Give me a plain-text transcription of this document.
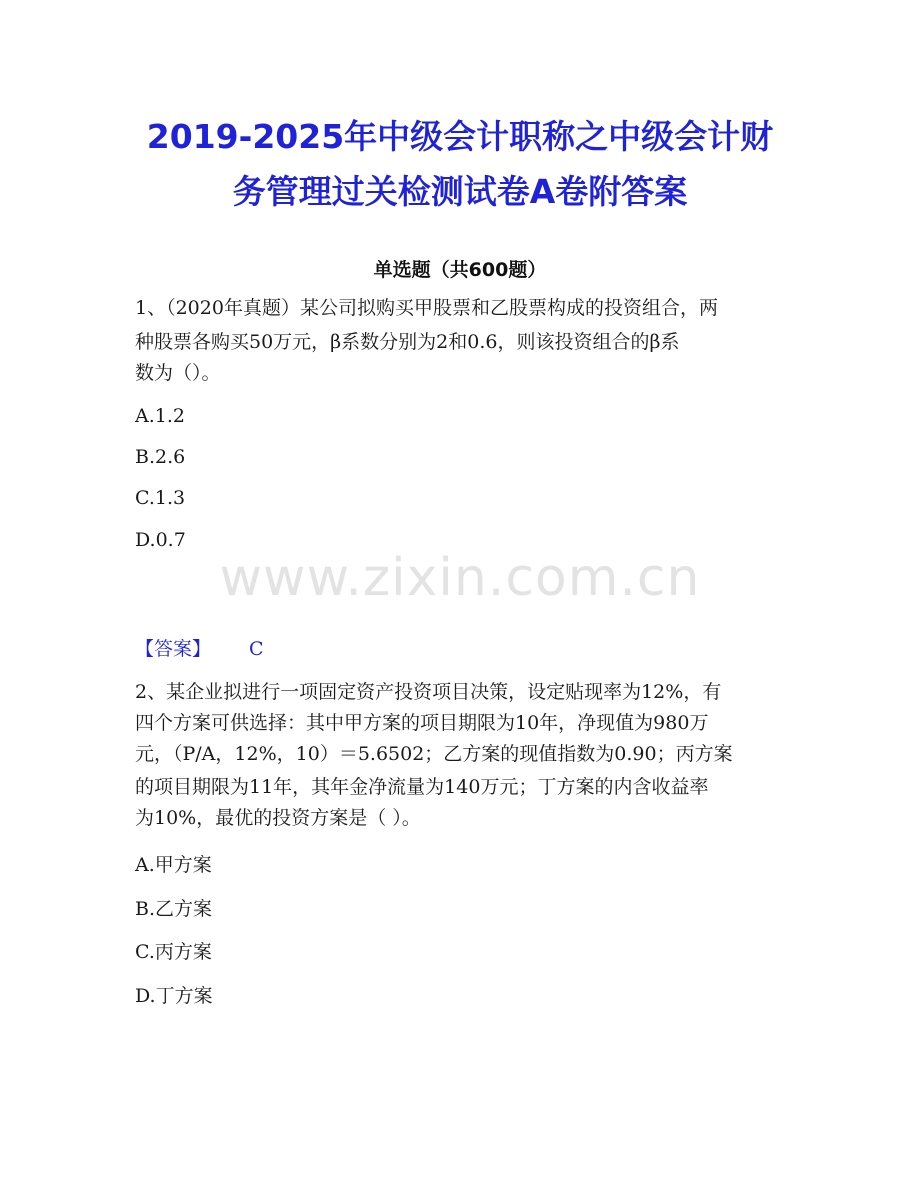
2019-2025年中级会计职称之中级会计财
务管理过关检测试卷A卷附答案
单选题（共600题）
1、（2020年真题）某公司拟购买甲股票和乙股票构成的投资组合，两
种股票各购买50万元，β系数分别为2和0.6，则该投资组合的β系
数为（）。
A.1.2
B.2.6
C.1.3
D.0.7
www.zixin.com.cn
【答案】 C
2、某企业拟进行一项固定资产投资项目决策，设定贴现率为12%，有
四个方案可供选择：其中甲方案的项目期限为10年，净现值为980万
元，（P/A，12%，10）＝5.6502；乙方案的现值指数为0.90；丙方案
的项目期限为11年，其年金净流量为140万元；丁方案的内含收益率
为10%，最优的投资方案是（ ）。
A.甲方案
B.乙方案
C.丙方案
D.丁方案
